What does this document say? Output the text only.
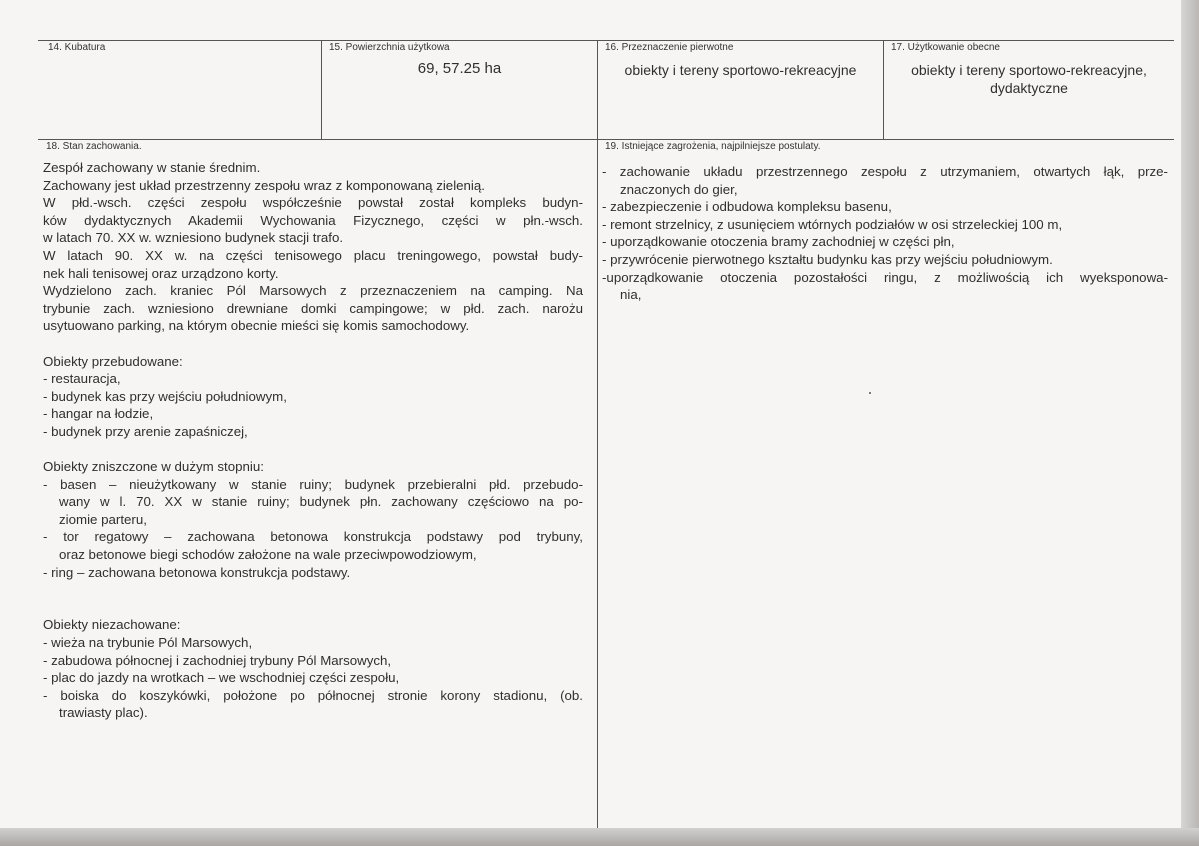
14. Kubatura	15. Powierzchnia użytkowa
69, 57.25 ha
16. Przeznaczenie pierwotne
obiekty i tereny sportowo-rekreacyjne
17. Użytkowanie obecne
obiekty i tereny sportowo-rekreacyjne,
dydaktyczne
18. Stan zachowania.	19. Istniejące zagrożenia, najpilniejsze postulaty.
Zespół zachowany w stanie średnim.
Zachowany jest układ przestrzenny zespołu wraz z komponowaną zielenią.
W płd.-wsch. części zespołu współcześnie powstał został kompleks budyn-
ków dydaktycznych Akademii Wychowania Fizycznego, części w płn.-wsch.
w latach 70. XX w. wzniesiono budynek stacji trafo.
W latach 90. XX w. na części tenisowego placu treningowego, powstał budy-
nek hali tenisowej oraz urządzono korty.
Wydzielono zach. kraniec Pól Marsowych z przeznaczeniem na camping. Na
trybunie zach. wzniesiono drewniane domki campingowe; w płd. zach. narożu
usytuowano parking, na którym obecnie mieści się komis samochodowy.
Obiekty przebudowane:
- restauracja,
- budynek kas przy wejściu południowym,
- hangar na łodzie,
- budynek przy arenie zapaśniczej,
Obiekty zniszczone w dużym stopniu:
- basen – nieużytkowany w stanie ruiny; budynek przebieralni płd. przebudo-
wany w l. 70. XX w stanie ruiny; budynek płn. zachowany częściowo na po-
ziomie parteru,
- tor regatowy – zachowana betonowa konstrukcja podstawy pod trybuny,
oraz betonowe biegi schodów założone na wale przeciwpowodziowym,
- ring – zachowana betonowa konstrukcja podstawy.
Obiekty niezachowane:
- wieża na trybunie Pól Marsowych,
- zabudowa północnej i zachodniej trybuny Pól Marsowych,
- plac do jazdy na wrotkach – we wschodniej części zespołu,
- boiska do koszykówki, położone po północnej stronie korony stadionu, (ob.
trawiasty plac).
- zachowanie układu przestrzennego zespołu z utrzymaniem, otwartych łąk, prze-
znaczonych do gier,
- zabezpieczenie i odbudowa kompleksu basenu,
- remont strzelnicy, z usunięciem wtórnych podziałów w osi strzeleckiej 100 m,
- uporządkowanie otoczenia bramy zachodniej w części płn,
- przywrócenie pierwotnego kształtu budynku kas przy wejściu południowym.
-uporządkowanie otoczenia pozostałości ringu, z możliwością ich wyeksponowa-
nia,
